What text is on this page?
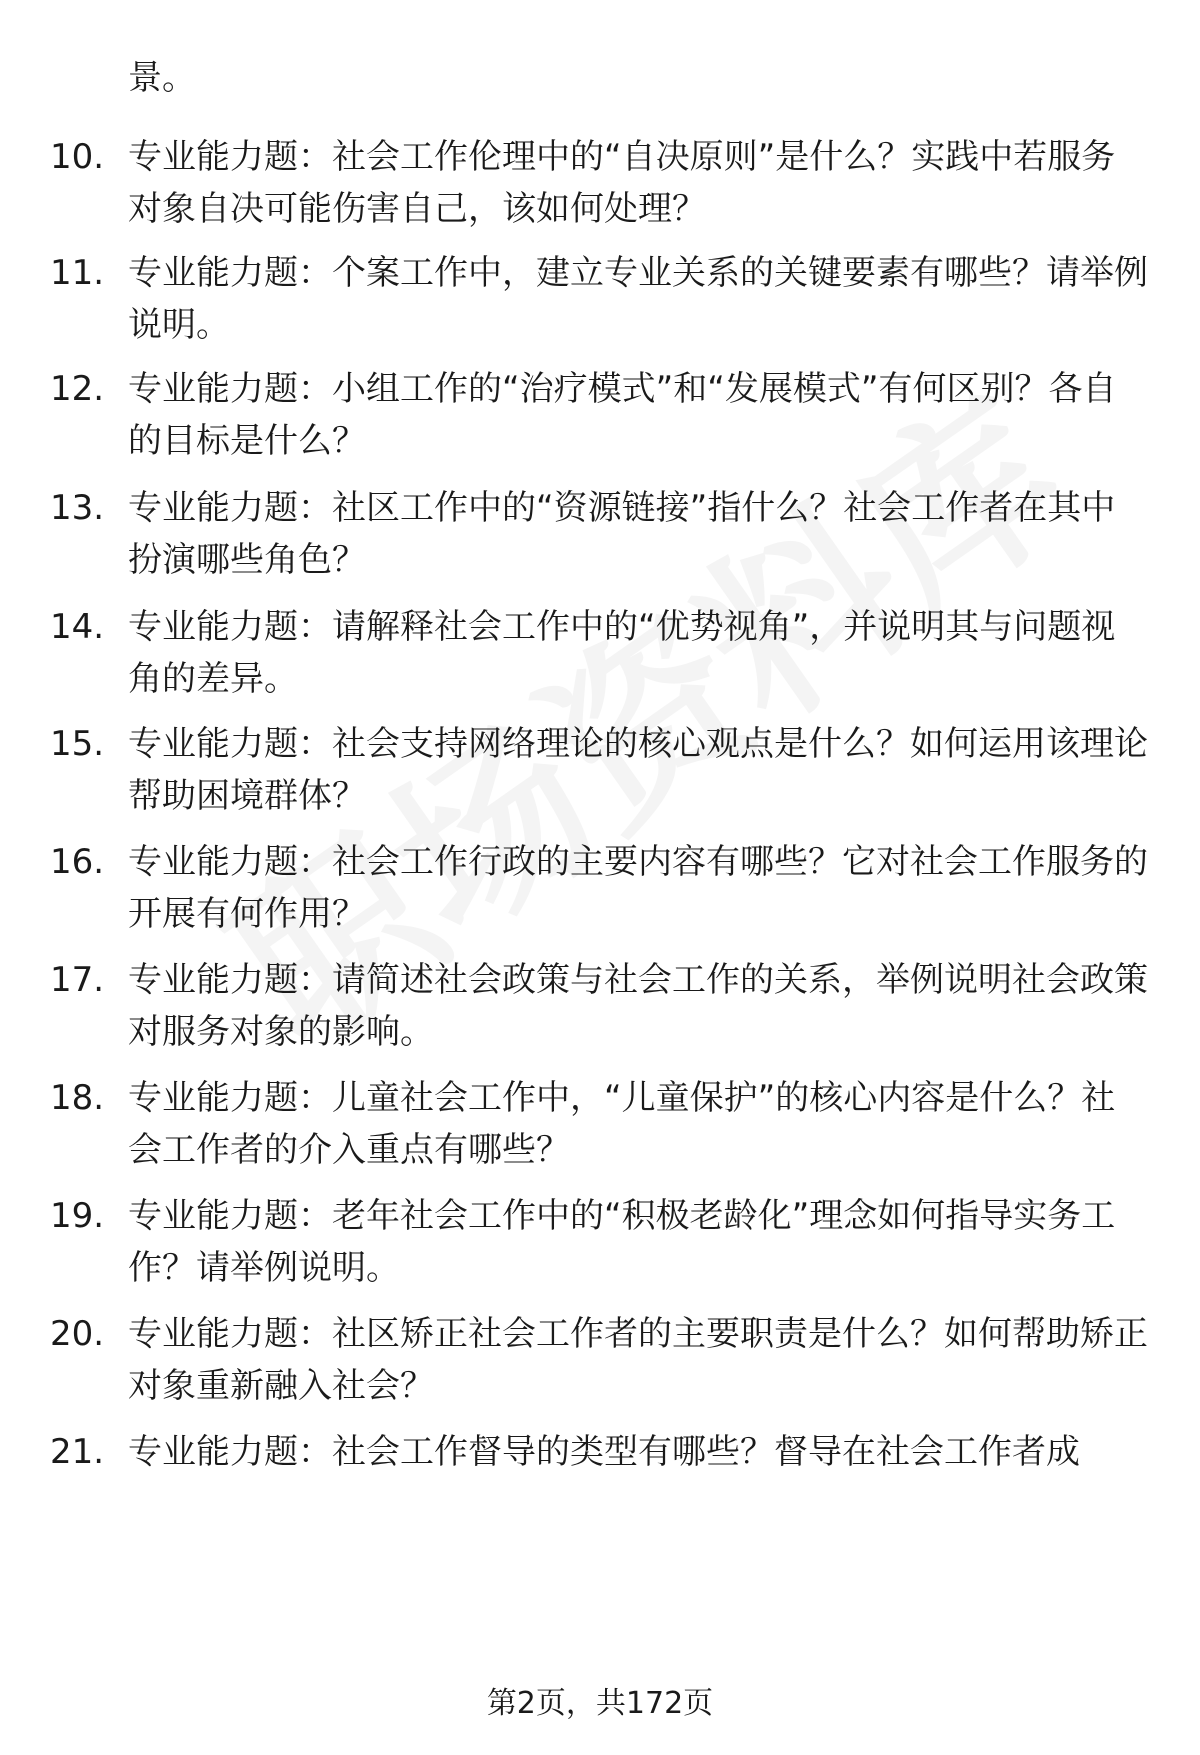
景。

10. 专业能力题：社会工作伦理中的“自决原则”是什么？实践中若服务对象自决可能伤害自己，该如何处理？
11. 专业能力题：个案工作中，建立专业关系的关键要素有哪些？请举例说明。
12. 专业能力题：小组工作的“治疗模式”和“发展模式”有何区别？各自的目标是什么？
13. 专业能力题：社区工作中的“资源链接”指什么？社会工作者在其中扮演哪些角色？
14. 专业能力题：请解释社会工作中的“优势视角”，并说明其与问题视角的差异。
15. 专业能力题：社会支持网络理论的核心观点是什么？如何运用该理论帮助困境群体？
16. 专业能力题：社会工作行政的主要内容有哪些？它对社会工作服务的开展有何作用？
17. 专业能力题：请简述社会政策与社会工作的关系，举例说明社会政策对服务对象的影响。
18. 专业能力题：儿童社会工作中，“儿童保护”的核心内容是什么？社会工作者的介入重点有哪些？
19. 专业能力题：老年社会工作中的“积极老龄化”理念如何指导实务工作？请举例说明。
20. 专业能力题：社区矫正社会工作者的主要职责是什么？如何帮助矫正对象重新融入社会？
21. 专业能力题：社会工作督导的类型有哪些？督导在社会工作者成
第2页，共172页
